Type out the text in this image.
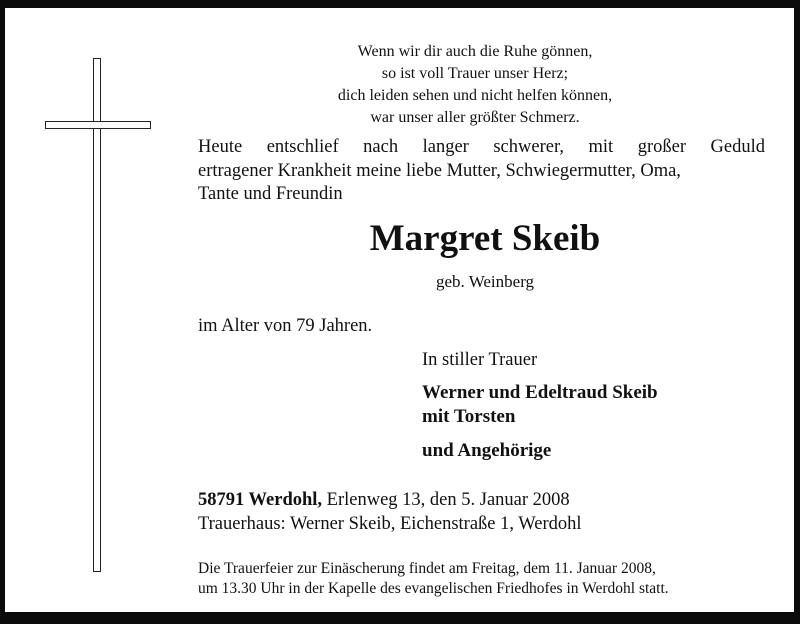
Wenn wir dir auch die Ruhe gönnen,
so ist voll Trauer unser Herz;
dich leiden sehen und nicht helfen können,
war unser aller größter Schmerz.
Heute entschlief nach langer schwerer, mit großer Geduld
ertragener Krankheit meine liebe Mutter, Schwiegermutter, Oma,
Tante und Freundin
Margret Skeib
geb. Weinberg
im Alter von 79 Jahren.
In stiller Trauer
Werner und Edeltraud Skeib
mit Torsten
und Angehörige
58791 Werdohl, Erlenweg 13, den 5. Januar 2008
Trauerhaus: Werner Skeib, Eichenstraße 1, Werdohl
Die Trauerfeier zur Einäscherung findet am Freitag, dem 11. Januar 2008,
um 13.30 Uhr in der Kapelle des evangelischen Friedhofes in Werdohl statt.
